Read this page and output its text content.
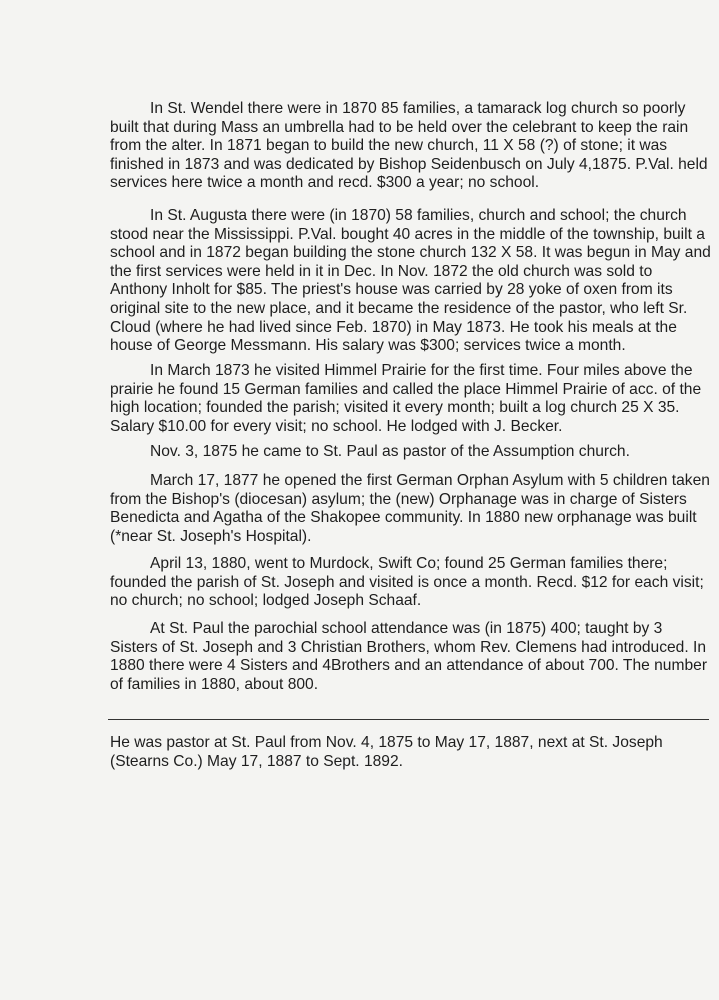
In St. Wendel there were in 1870 85 families, a tamarack log church so poorly
built that during Mass an umbrella had to be held over the celebrant to keep the rain
from the alter. In 1871 began to build the new church, 11 X 58 (?) of stone; it was
finished in 1873 and was dedicated by Bishop Seidenbusch on July 4,1875. P.Val. held
services here twice a month and recd. $300 a year; no school.
In St. Augusta there were (in 1870) 58 families, church and school; the church
stood near the Mississippi. P.Val. bought 40 acres in the middle of the township, built a
school and in 1872 began building the stone church 132 X 58. It was begun in May and
the first services were held in it in Dec. In Nov. 1872 the old church was sold to
Anthony Inholt for $85. The priest's house was carried by 28 yoke of oxen from its
original site to the new place, and it became the residence of the pastor, who left Sr.
Cloud (where he had lived since Feb. 1870) in May 1873. He took his meals at the
house of George Messmann. His salary was $300; services twice a month.
In March 1873 he visited Himmel Prairie for the first time. Four miles above the
prairie he found 15 German families and called the place Himmel Prairie of acc. of the
high location; founded the parish; visited it every month; built a log church 25 X 35.
Salary $10.00 for every visit; no school. He lodged with J. Becker.
Nov. 3, 1875 he came to St. Paul as pastor of the Assumption church.
March 17, 1877 he opened the first German Orphan Asylum with 5 children taken
from the Bishop's (diocesan) asylum; the (new) Orphanage was in charge of Sisters
Benedicta and Agatha of the Shakopee community. In 1880 new orphanage was built
(*near St. Joseph's Hospital).
April 13, 1880, went to Murdock, Swift Co; found 25 German families there;
founded the parish of St. Joseph and visited is once a month. Recd. $12 for each visit;
no church; no school; lodged Joseph Schaaf.
At St. Paul the parochial school attendance was (in 1875) 400; taught by 3
Sisters of St. Joseph and 3 Christian Brothers, whom Rev. Clemens had introduced. In
1880 there were 4 Sisters and 4Brothers and an attendance of about 700. The number
of families in 1880, about 800.
He was pastor at St. Paul from Nov. 4, 1875 to May 17, 1887, next at St. Joseph
(Stearns Co.) May 17, 1887 to Sept. 1892.
